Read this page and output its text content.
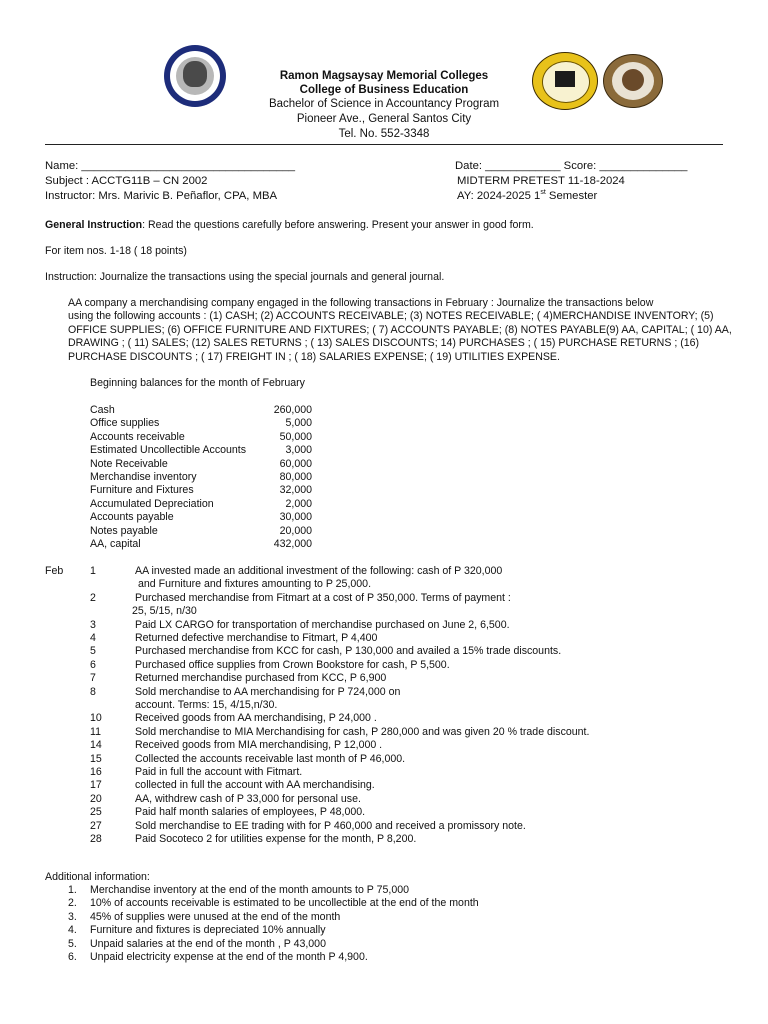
Ramon Magsaysay Memorial Colleges
College of Business Education
Bachelor of Science in Accountancy Program
Pioneer Ave., General Santos City
Tel. No. 552-3348
Name: __________________________________
Subject : ACCTG11B – CN 2002
Instructor: Mrs. Marivic B. Peñaflor, CPA, MBA
Date: ____________ Score: ______________
MIDTERM PRETEST 11-18-2024
AY: 2024-2025 1st Semester
General Instruction: Read the questions carefully before answering. Present your answer in good form.
For item nos. 1-18 ( 18 points)
Instruction: Journalize the transactions using the special journals and general journal.
AA company a merchandising company engaged in the following transactions in February : Journalize the transactions below
using the following accounts : (1) CASH; (2) ACCOUNTS RECEIVABLE; (3) NOTES RECEIVABLE; ( 4)MERCHANDISE INVENTORY; (5)
OFFICE SUPPLIES; (6) OFFICE FURNITURE AND FIXTURES; ( 7) ACCOUNTS PAYABLE; (8) NOTES PAYABLE(9) AA, CAPITAL; ( 10) AA,
DRAWING ; ( 11) SALES; (12) SALES RETURNS ; ( 13) SALES DISCOUNTS; 14) PURCHASES ; ( 15) PURCHASE RETURNS ; (16)
PURCHASE DISCOUNTS ; ( 17) FREIGHT IN ; ( 18) SALARIES EXPENSE; ( 19) UTILITIES EXPENSE.
Beginning balances for the month of February
Cash	260,000
Office supplies	5,000
Accounts receivable	50,000
Estimated Uncollectible Accounts	3,000
Note Receivable	60,000
Merchandise inventory	80,000
Furniture and Fixtures	32,000
Accumulated Depreciation	2,000
Accounts payable	30,000
Notes payable	20,000
AA, capital	432,000
Feb	1	AA invested made an additional investment of the following: cash of P 320,000
and Furniture and fixtures amounting to P 25,000.
2	Purchased merchandise from Fitmart at a cost of P 350,000. Terms of payment :
25, 5/15, n/30
3	Paid LX CARGO for transportation of merchandise purchased on June 2, 6,500.
4	Returned defective merchandise to Fitmart, P 4,400
5	Purchased merchandise from KCC for cash, P 130,000 and availed a 15% trade discounts.
6	Purchased office supplies from Crown Bookstore for cash, P 5,500.
7	Returned merchandise purchased from KCC, P 6,900
8	Sold merchandise to AA merchandising for P 724,000 on
account. Terms: 15, 4/15,n/30.
10	Received goods from AA merchandising, P 24,000 .
11	Sold merchandise to MIA Merchandising for cash, P 280,000 and was given 20 % trade discount.
14	Received goods from MIA merchandising, P 12,000 .
15	Collected the accounts receivable last month of P 46,000.
16	Paid in full the account with Fitmart.
17	collected in full the account with AA merchandising.
20	AA, withdrew cash of P 33,000 for personal use.
25	Paid half month salaries of employees, P 48,000.
27	Sold merchandise to EE trading with for P 460,000 and received a promissory note.
28	Paid Socoteco 2 for utilities expense for the month, P 8,200.
Additional information:
1. Merchandise inventory at the end of the month amounts to P 75,000
2. 10% of accounts receivable is estimated to be uncollectible at the end of the month
3. 45% of supplies were unused at the end of the month
4. Furniture and fixtures is depreciated 10% annually
5. Unpaid salaries at the end of the month , P 43,000
6. Unpaid electricity expense at the end of the month P 4,900.
